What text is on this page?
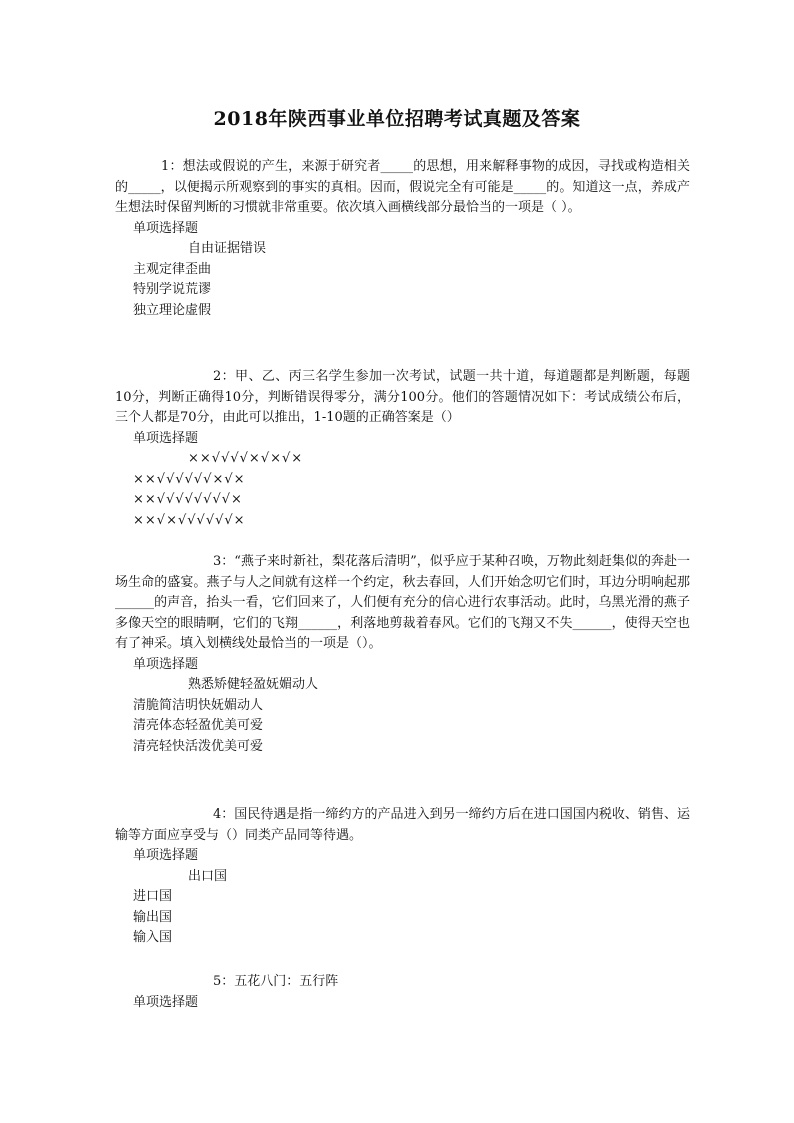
2018年陕西事业单位招聘考试真题及答案

1：想法或假说的产生，来源于研究者_____的思想，用来解释事物的成因，寻找或构造相关的_____，以便揭示所观察到的事实的真相。因而，假说完全有可能是_____的。知道这一点，养成产生想法时保留判断的习惯就非常重要。依次填入画横线部分最恰当的一项是（ ）。

单项选择题

自由证据错误

主观定律歪曲

特别学说荒谬

独立理论虚假

2：甲、乙、丙三名学生参加一次考试，试题一共十道，每道题都是判断题，每题10分，判断正确得10分，判断错误得零分，满分100分。他们的答题情况如下：考试成绩公布后，三个人都是70分，由此可以推出，1-10题的正确答案是（）

单项选择题

××√√√√×√×√×

××√√√√√√×√×

××√√√√√√√√×

××√×√√√√√√×

3：“燕子来时新社，梨花落后清明”，似乎应于某种召唤，万物此刻赶集似的奔赴一场生命的盛宴。燕子与人之间就有这样一个约定，秋去春回，人们开始念叨它们时，耳边分明响起那______的声音，抬头一看，它们回来了，人们便有充分的信心进行农事活动。此时，乌黑光滑的燕子多像天空的眼睛啊，它们的飞翔______，利落地剪裁着春风。它们的飞翔又不失______，使得天空也有了神采。填入划横线处最恰当的一项是（）。

单项选择题

熟悉矫健轻盈妩媚动人

清脆简洁明快妩媚动人

清亮体态轻盈优美可爱

清亮轻快活泼优美可爱

4：国民待遇是指一缔约方的产品进入到另一缔约方后在进口国国内税收、销售、运输等方面应享受与（）同类产品同等待遇。

单项选择题

出口国

进口国

输出国

输入国

5：五花八门：五行阵

单项选择题
